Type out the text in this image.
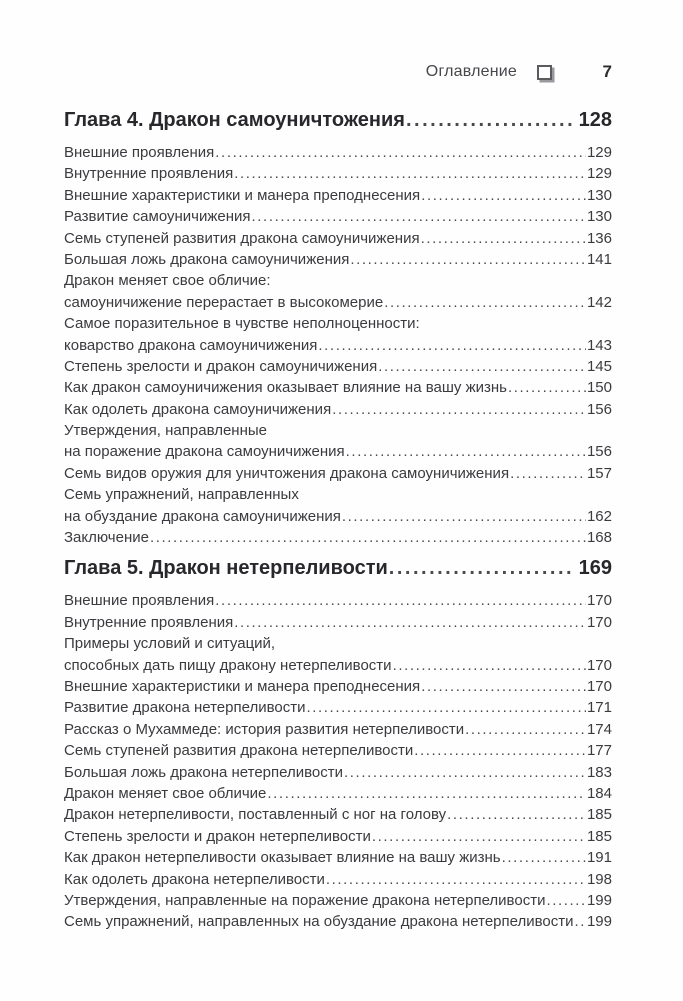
Оглавление	7
Глава 4. Дракон самоуничтожения .....	128
Внешние проявления .....	129
Внутренние проявления .....	129
Внешние характеристики и манера преподнесения .....	130
Развитие самоуничижения .....	130
Семь ступеней развития дракона самоуничижения .....	136
Большая ложь дракона самоуничижения .....	141
Дракон меняет свое обличие:
самоуничижение перерастает в высокомерие .....	142
Самое поразительное в чувстве неполноценности:
коварство дракона самоуничижения .....	143
Степень зрелости и дракон самоуничижения .....	145
Как дракон самоуничижения оказывает влияние на вашу жизнь .....	150
Как одолеть дракона самоуничижения .....	156
Утверждения, направленные
на поражение дракона самоуничижения .....	156
Семь видов оружия для уничтожения дракона самоуничижения .....	157
Семь упражнений, направленных
на обуздание дракона самоуничижения .....	162
Заключение .....	168
Глава 5. Дракон нетерпеливости .....	169
Внешние проявления .....	170
Внутренние проявления .....	170
Примеры условий и ситуаций,
способных дать пищу дракону нетерпеливости .....	170
Внешние характеристики и манера преподнесения .....	170
Развитие дракона нетерпеливости .....	171
Рассказ о Мухаммеде: история развития нетерпеливости .....	174
Семь ступеней развития дракона нетерпеливости .....	177
Большая ложь дракона нетерпеливости .....	183
Дракон меняет свое обличие .....	184
Дракон нетерпеливости, поставленный с ног на голову .....	185
Степень зрелости и дракон нетерпеливости .....	185
Как дракон нетерпеливости оказывает влияние на вашу жизнь .....	191
Как одолеть дракона нетерпеливости .....	198
Утверждения, направленные на поражение дракона нетерпеливости .....	199
Семь упражнений, направленных на обуздание дракона нетерпеливости ..... 199
